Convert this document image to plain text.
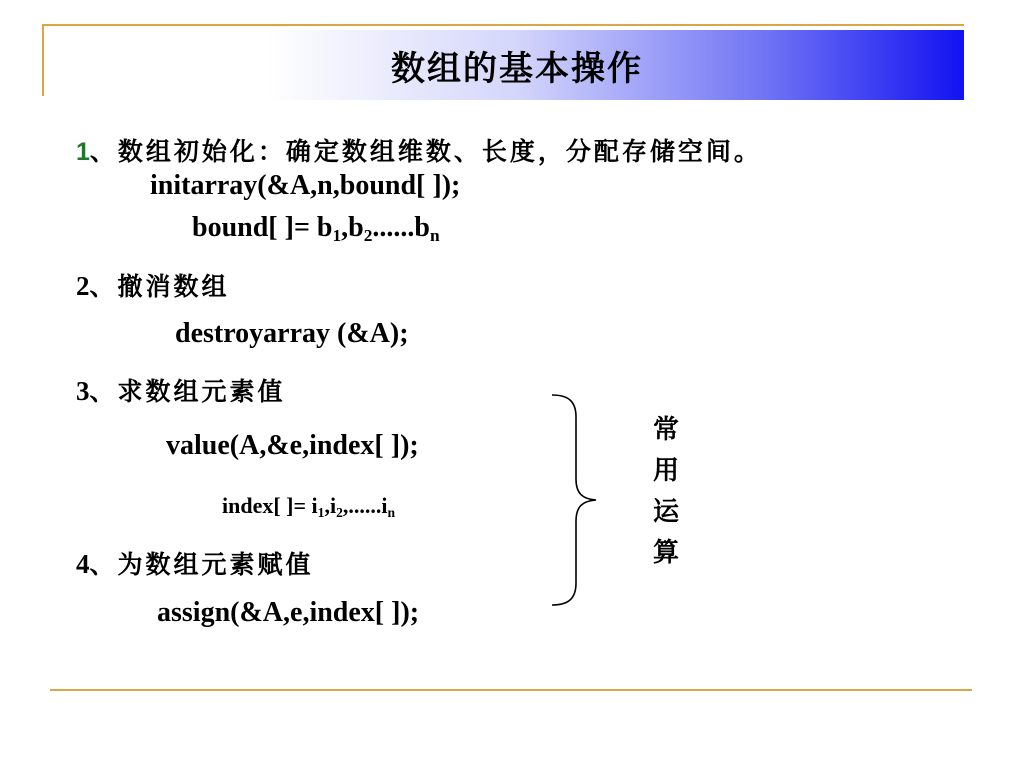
数组的基本操作
1、数组初始化：确定数组维数、长度，分配存储空间。
initarray(&A,n,bound[ ]);
bound[ ]= $b_1,b_2......b_n$
2、撤消数组
destroyarray (&A);
3、求数组元素值
value(A,&e,index[ ]);
index[ ]= $i_1,i_2,......i_n$
4、为数组元素赋值
assign(&A,e,index[ ]);
常
用
运
算
